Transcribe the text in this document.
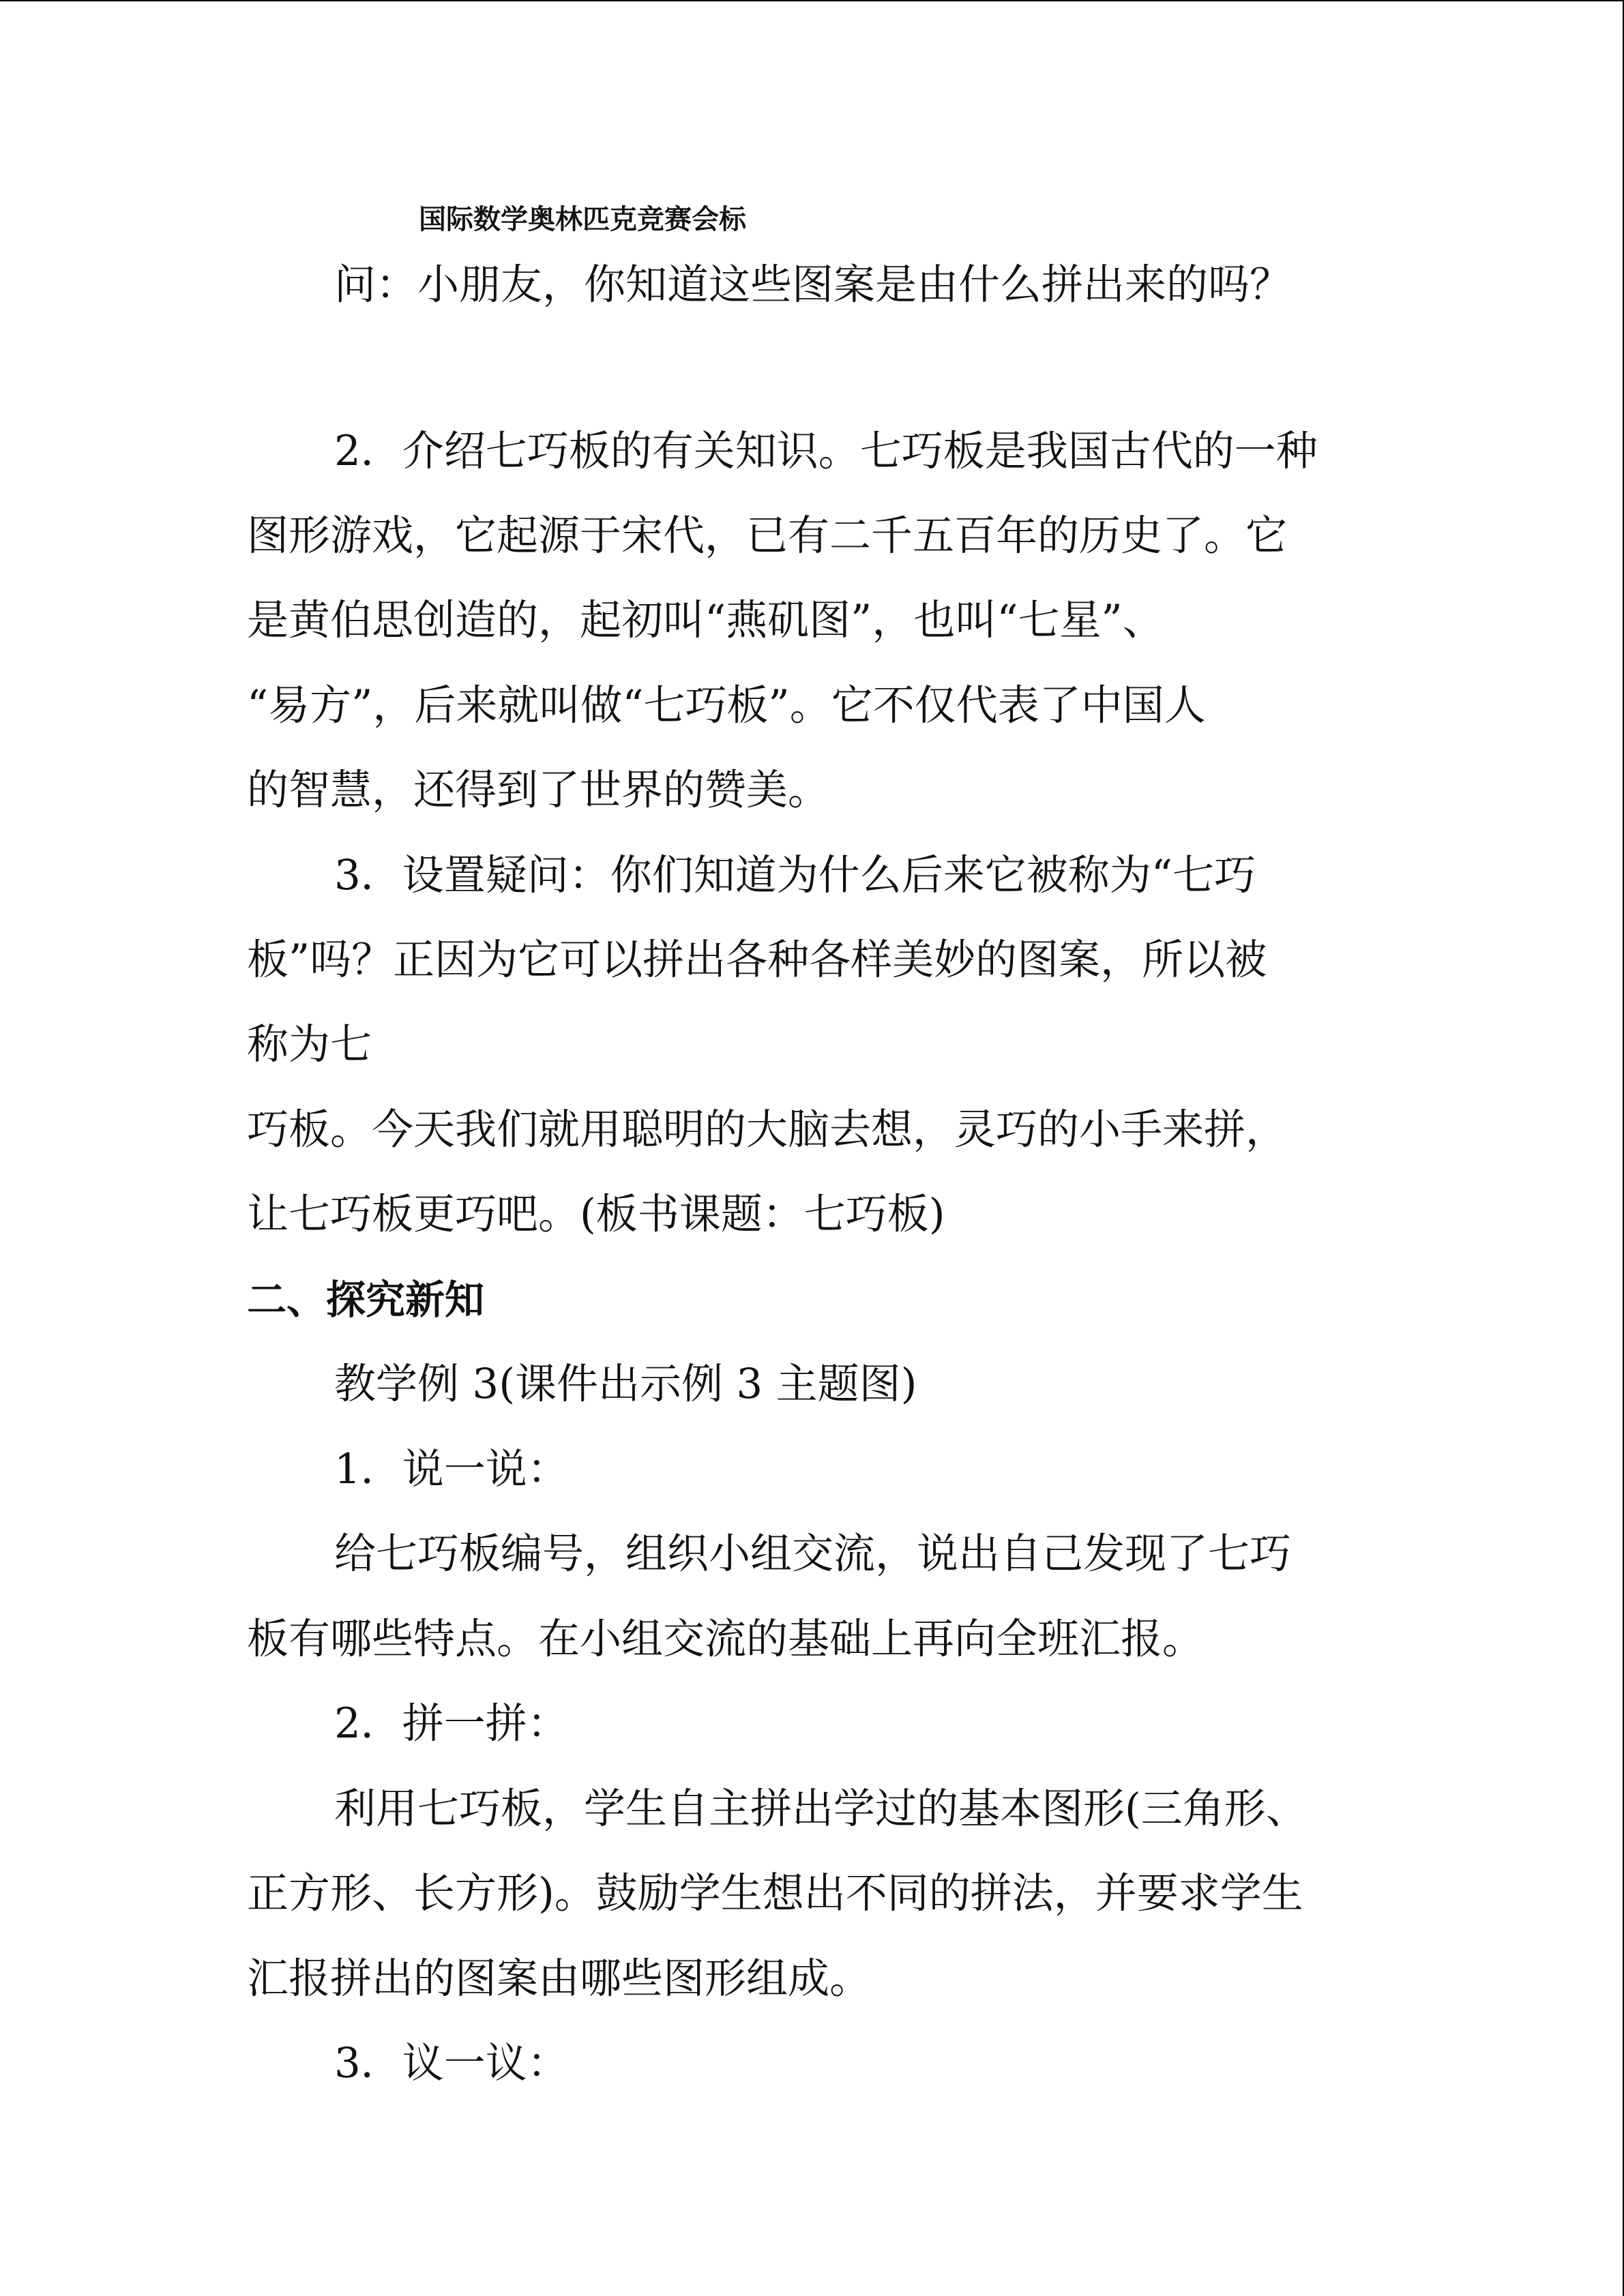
国际数学奥林匹克竞赛会标
问：小朋友，你知道这些图案是由什么拼出来的吗？
2．介绍七巧板的有关知识。七巧板是我国古代的一种
图形游戏，它起源于宋代，已有二千五百年的历史了。它
是黄伯思创造的，起初叫“燕矶图”，也叫“七星”、
“易方”，后来就叫做“七巧板”。它不仅代表了中国人
的智慧，还得到了世界的赞美。
3．设置疑问：你们知道为什么后来它被称为“七巧
板”吗？正因为它可以拼出各种各样美妙的图案，所以被
称为七
巧板。今天我们就用聪明的大脑去想，灵巧的小手来拼，
让七巧板更巧吧。(板书课题：七巧板)
二、探究新知
教学例 3(课件出示例 3 主题图)
1．说一说：
给七巧板编号，组织小组交流，说出自己发现了七巧
板有哪些特点。在小组交流的基础上再向全班汇报。
2．拼一拼：
利用七巧板，学生自主拼出学过的基本图形(三角形、
正方形、长方形)。鼓励学生想出不同的拼法，并要求学生
汇报拼出的图案由哪些图形组成。
3．议一议：
